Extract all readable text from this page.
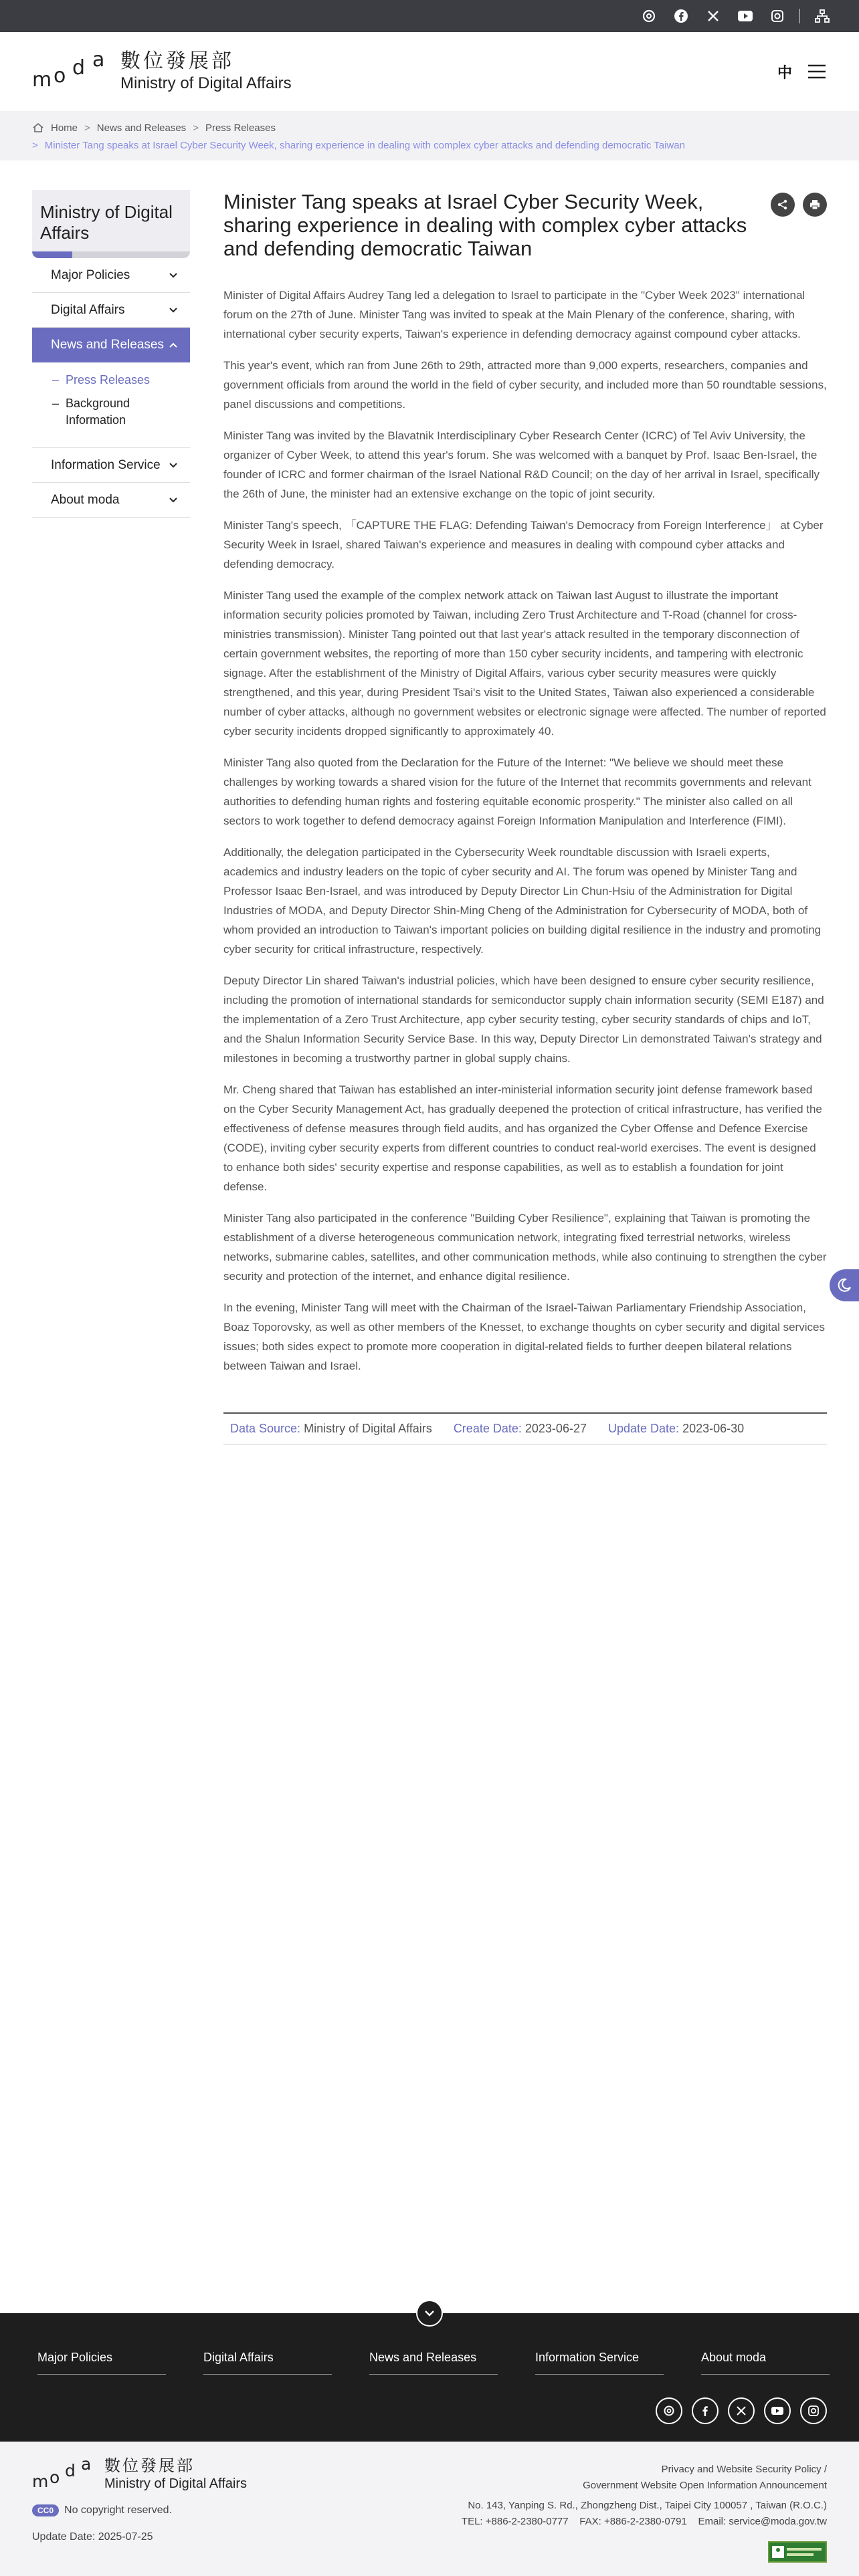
m o d a 數位發展部
Ministry of Digital Affairs
中
Home > News and Releases > Press Releases
> Minister Tang speaks at Israel Cyber Security Week, sharing experience in dealing with complex cyber attacks and defending democratic Taiwan
Ministry of Digital Affairs
Major Policies
Digital Affairs
News and Releases
– Press Releases
– Background Information
Information Service
About moda
Minister Tang speaks at Israel Cyber Security Week, sharing experience in dealing with complex cyber attacks and defending democratic Taiwan

Minister of Digital Affairs Audrey Tang led a delegation to Israel to participate in the "Cyber Week 2023" international forum on the 27th of June. Minister Tang was invited to speak at the Main Plenary of the conference, sharing, with international cyber security experts, Taiwan's experience in defending democracy against compound cyber attacks.

This year's event, which ran from June 26th to 29th, attracted more than 9,000 experts, researchers, companies and government officials from around the world in the field of cyber security, and included more than 50 roundtable sessions, panel discussions and competitions.

Minister Tang was invited by the Blavatnik Interdisciplinary Cyber Research Center (ICRC) of Tel Aviv University, the organizer of Cyber Week, to attend this year's forum. She was welcomed with a banquet by Prof. Isaac Ben-Israel, the founder of ICRC and former chairman of the Israel National R&D Council; on the day of her arrival in Israel, specifically the 26th of June, the minister had an extensive exchange on the topic of joint security.

Minister Tang's speech, 「CAPTURE THE FLAG: Defending Taiwan's Democracy from Foreign Interference」 at Cyber Security Week in Israel, shared Taiwan's experience and measures in dealing with compound cyber attacks and defending democracy.

Minister Tang used the example of the complex network attack on Taiwan last August to illustrate the important information security policies promoted by Taiwan, including Zero Trust Architecture and T-Road (channel for cross-ministries transmission). Minister Tang pointed out that last year's attack resulted in the temporary disconnection of certain government websites, the reporting of more than 150 cyber security incidents, and tampering with electronic signage. After the establishment of the Ministry of Digital Affairs, various cyber security measures were quickly strengthened, and this year, during President Tsai's visit to the United States, Taiwan also experienced a considerable number of cyber attacks, although no government websites or electronic signage were affected. The number of reported cyber security incidents dropped significantly to approximately 40.

Minister Tang also quoted from the Declaration for the Future of the Internet: "We believe we should meet these challenges by working towards a shared vision for the future of the Internet that recommits governments and relevant authorities to defending human rights and fostering equitable economic prosperity." The minister also called on all sectors to work together to defend democracy against Foreign Information Manipulation and Interference (FIMI).

Additionally, the delegation participated in the Cybersecurity Week roundtable discussion with Israeli experts, academics and industry leaders on the topic of cyber security and AI. The forum was opened by Minister Tang and Professor Isaac Ben-Israel, and was introduced by Deputy Director Lin Chun-Hsiu of the Administration for Digital Industries of MODA, and Deputy Director Shin-Ming Cheng of the Administration for Cybersecurity of MODA, both of whom provided an introduction to Taiwan's important policies on building digital resilience in the industry and promoting cyber security for critical infrastructure, respectively.

Deputy Director Lin shared Taiwan's industrial policies, which have been designed to ensure cyber security resilience, including the promotion of international standards for semiconductor supply chain information security (SEMI E187) and the implementation of a Zero Trust Architecture, app cyber security testing, cyber security standards of chips and IoT, and the Shalun Information Security Service Base. In this way, Deputy Director Lin demonstrated Taiwan's strategy and milestones in becoming a trustworthy partner in global supply chains.

Mr. Cheng shared that Taiwan has established an inter-ministerial information security joint defense framework based on the Cyber Security Management Act, has gradually deepened the protection of critical infrastructure, has verified the effectiveness of defense measures through field audits, and has organized the Cyber Offense and Defence Exercise (CODE), inviting cyber security experts from different countries to conduct real-world exercises. The event is designed to enhance both sides' security expertise and response capabilities, as well as to establish a foundation for joint defense.

Minister Tang also participated in the conference "Building Cyber Resilience", explaining that Taiwan is promoting the establishment of a diverse heterogeneous communication network, integrating fixed terrestrial networks, wireless networks, submarine cables, satellites, and other communication methods, while also continuing to strengthen the cyber security and protection of the internet, and enhance digital resilience.

In the evening, Minister Tang will meet with the Chairman of the Israel-Taiwan Parliamentary Friendship Association, Boaz Toporovsky, as well as other members of the Knesset, to exchange thoughts on cyber security and digital services issues; both sides expect to promote more cooperation in digital-related fields to further deepen bilateral relations between Taiwan and Israel.

Data Source: Ministry of Digital Affairs Create Date: 2023-06-27 Update Date: 2023-06-30
Major Policies	Digital Affairs	News and Releases	Information Service	About moda
m o d a 數位發展部
Ministry of Digital Affairs
CC0	No copyright reserved.
Update Date: 2025-07-25
Privacy and Website Security Policy /
Government Website Open Information Announcement
No. 143, Yanping S. Rd., Zhongzheng Dist., Taipei City 100057 , Taiwan (R.O.C.)
TEL: +886-2-2380-0777    FAX: +886-2-2380-0791    Email: service@moda.gov.tw
